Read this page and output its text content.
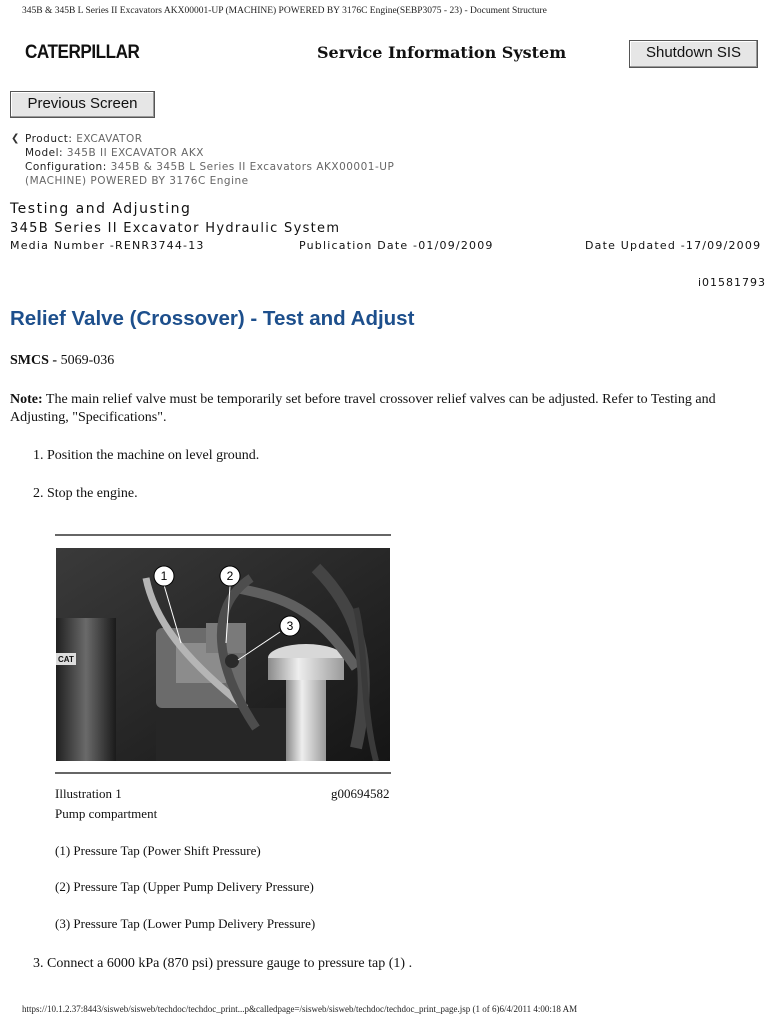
345B & 345B L Series II Excavators AKX00001-UP (MACHINE) POWERED BY 3176C Engine(SEBP3075 - 23) - Document Structure
CATERPILLAR	Service Information System	Shutdown SIS
Previous Screen
❮ Product: EXCAVATOR
Model: 345B II EXCAVATOR AKX
Configuration: 345B & 345B L Series II Excavators AKX00001-UP
(MACHINE) POWERED BY 3176C Engine
Testing and Adjusting
345B Series II Excavator Hydraulic System
Media Number -RENR3744-13	Publication Date -01/09/2009	Date Updated -17/09/2009
i01581793
Relief Valve (Crossover) - Test and Adjust
SMCS - 5069-036
Note: The main relief valve must be temporarily set before travel crossover relief valves can be adjusted. Refer to Testing and Adjusting, "Specifications".
1. Position the machine on level ground.
2. Stop the engine.
CAT
1	2
3
Illustration 1	g00694582
Pump compartment
(1) Pressure Tap (Power Shift Pressure)
(2) Pressure Tap (Upper Pump Delivery Pressure)
(3) Pressure Tap (Lower Pump Delivery Pressure)
3. Connect a 6000 kPa (870 psi) pressure gauge to pressure tap (1) .
https://10.1.2.37:8443/sisweb/sisweb/techdoc/techdoc_print...p&calledpage=/sisweb/sisweb/techdoc/techdoc_print_page.jsp (1 of 6)6/4/2011 4:00:18 AM
